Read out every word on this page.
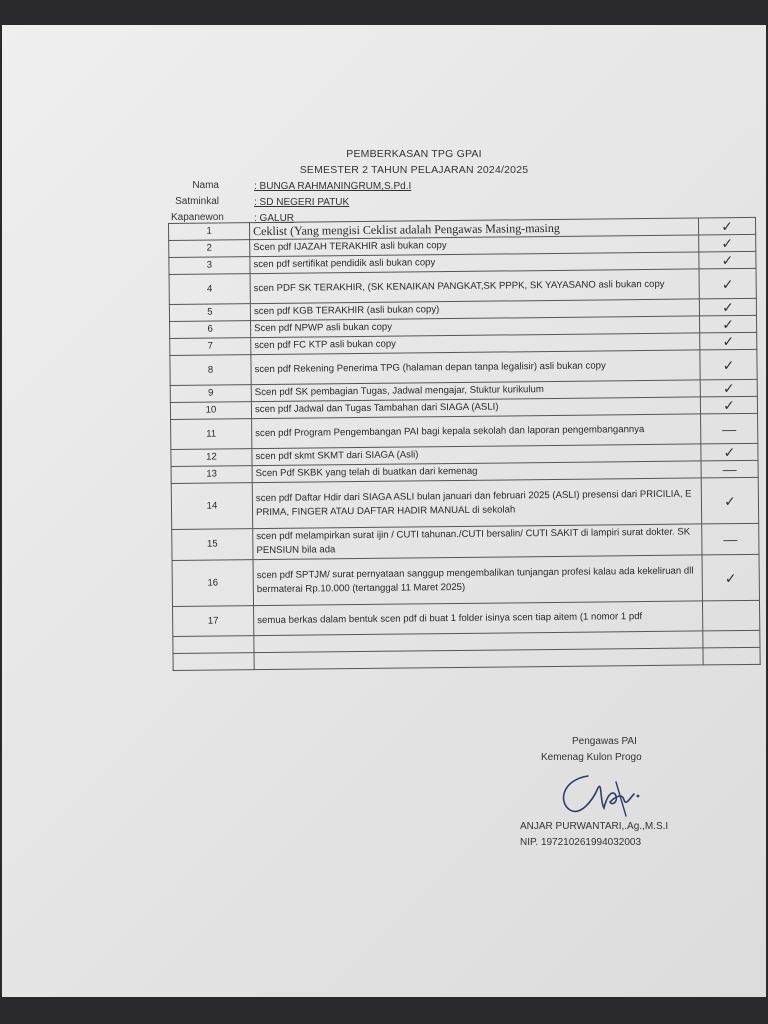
PEMBERKASAN TPG GPAI
SEMESTER 2 TAHUN PELAJARAN 2024/2025
Nama	: BUNGA RAHMANINGRUM,S.Pd.I
Satminkal	: SD NEGERI PATUK
Kapanewon	: GALUR
1	Ceklist (Yang mengisi Ceklist adalah Pengawas Masing-masing	✓
2	Scen pdf IJAZAH TERAKHIR asli bukan copy	✓
3	scen pdf sertifikat pendidik asli bukan copy	✓
4	scen PDF SK TERAKHIR, (SK KENAIKAN PANGKAT,SK PPPK, SK YAYASANO asli bukan copy	✓
5	scen pdf KGB TERAKHIR (asli bukan copy)	✓
6	Scen pdf NPWP asli bukan copy	✓
7	scen pdf FC KTP asli bukan copy	✓
8	scen pdf Rekening Penerima TPG (halaman depan tanpa legalisir) asli bukan copy	✓
9	Scen pdf SK pembagian Tugas, Jadwal mengajar, Stuktur kurikulum	✓
10	scen pdf Jadwal dan Tugas Tambahan dari SIAGA (ASLI)	✓
11	scen pdf Program Pengembangan PAI bagi kepala sekolah dan laporan pengembangannya	—
12	scen pdf skmt SKMT dari SIAGA (Asli)	✓
13	Scen Pdf SKBK yang telah di buatkan dari kemenag	—
14	scen pdf Daftar Hdir dari SIAGA ASLI bulan januari dan februari 2025 (ASLI) presensi dari PRICILIA, E PRIMA, FINGER ATAU DAFTAR HADIR MANUAL di sekolah	✓
15	scen pdf melampirkan surat ijin / CUTI tahunan./CUTI bersalin/ CUTI SAKIT di lampiri surat dokter. SK PENSIUN bila ada	—
16	scen pdf SPTJM/ surat pernyataan sanggup mengembalikan tunjangan profesi kalau ada kekeliruan dll bermaterai Rp.10.000 (tertanggal 11 Maret 2025)	✓
17	semua berkas dalam bentuk scen pdf di buat 1 folder isinya scen tiap aitem (1 nomor 1 pdf	

Pengawas PAI
Kemenag Kulon Progo
ANJAR PURWANTARI,.Ag.,M.S.I
NIP. 197210261994032003
